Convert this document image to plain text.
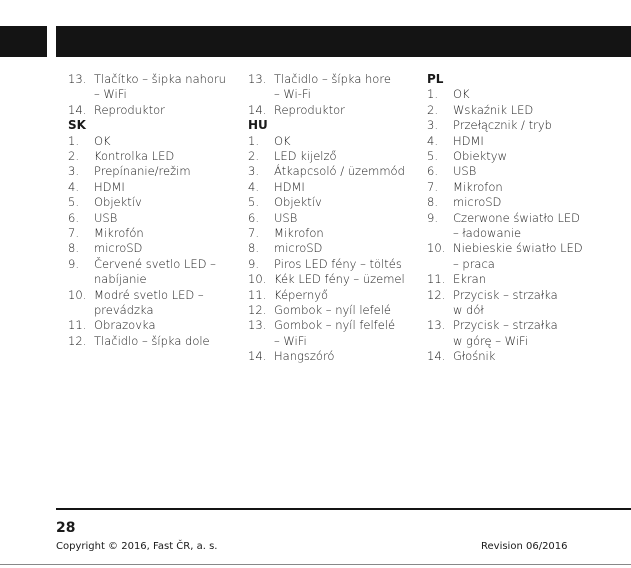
13. Tlačítko – šipka nahoru
– WiFi
14. Reproduktor
SK
1.	OK
2.	Kontrolka LED
3.	Prepínanie/režim
4.	HDMI
5.	Objektív
6.	USB
7.	Mikrofón
8.	microSD
9.	Červené svetlo LED –
nabíjanie
10. Modré svetlo LED –
prevádzka
11. Obrazovka
12. Tlačidlo – šípka dole
13. Tlačidlo – šípka hore
– Wi-Fi
14. Reproduktor
HU
1.	OK
2.	LED kijelző
3.	Átkapcsoló / üzemmód
4.	HDMI
5.	Objektív
6.	USB
7.	Mikrofon
8.	microSD
9.	Piros LED fény – töltés
10. Kék LED fény – üzemel
11. Képernyő
12. Gombok – nyíl lefelé
13. Gombok – nyíl felfelé
– WiFi
14. Hangszóró
PL
1.	OK
2.	Wskaźnik LED
3.	Przełącznik / tryb
4.	HDMI
5.	Obiektyw
6.	USB
7.	Mikrofon
8.	microSD
9.	Czerwone światło LED
– ładowanie
10. Niebieskie światło LED
– praca
11. Ekran
12. Przycisk – strzałka
w dół
13. Przycisk – strzałka
w górę – WiFi
14. Głośnik
28
Copyright © 2016, Fast ČR, a. s.	Revision 06/2016
